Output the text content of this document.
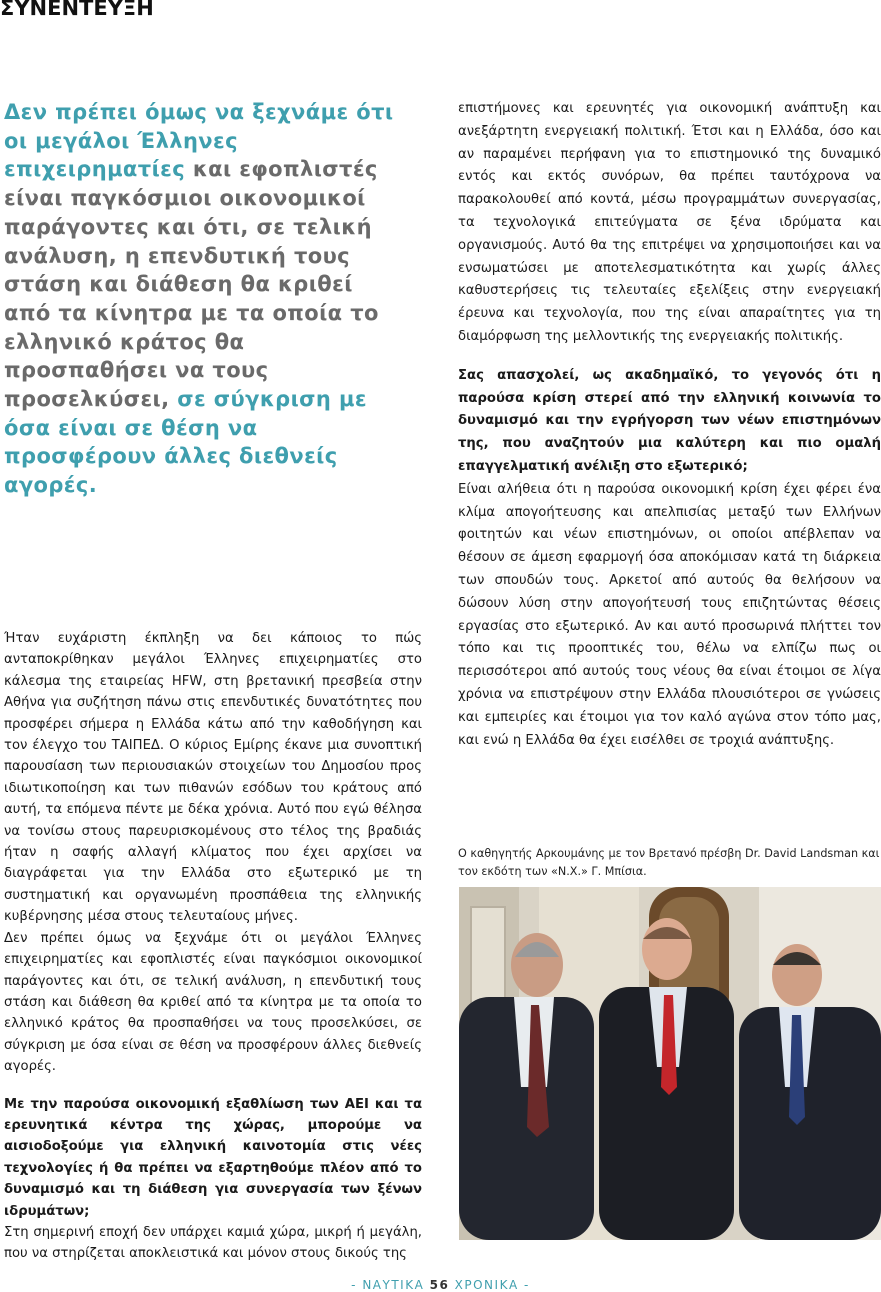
ΣΥΝΕΝΤΕΥΞΗ
Δεν πρέπει όμως να ξεχνάμε ότι οι μεγάλοι Έλληνες επιχειρηματίες και εφοπλιστές είναι παγκόσμιοι οικονομικοί παράγοντες και ότι, σε τελική ανάλυση, η επενδυτική τους στάση και διάθεση θα κριθεί από τα κίνητρα με τα οποία το ελληνικό κράτος θα προσπαθήσει να τους προσελκύσει, σε σύγκριση με όσα είναι σε θέση να προσφέρουν άλλες διεθνείς αγορές.

Ήταν ευχάριστη έκπληξη να δει κάποιος το πώς ανταποκρίθηκαν μεγάλοι Έλληνες επιχειρηματίες στο κάλεσμα της εταιρείας HFW, στη βρετανική πρεσβεία στην Αθήνα για συζήτηση πάνω στις επενδυτικές δυνατότητες που προσφέρει σήμερα η Ελλάδα κάτω από την καθοδήγηση και τον έλεγχο του ΤΑΙΠΕΔ. Ο κύριος Εμίρης έκανε μια συνοπτική παρουσίαση των περιουσιακών στοιχείων του Δημοσίου προς ιδιωτικοποίηση και των πιθανών εσόδων του κράτους από αυτή, τα επόμενα πέντε με δέκα χρόνια. Αυτό που εγώ θέλησα να τονίσω στους παρευρισκομένους στο τέλος της βραδιάς ήταν η σαφής αλλαγή κλίματος που έχει αρχίσει να διαγράφεται για την Ελλάδα στο εξωτερικό με τη συστηματική και οργανωμένη προσπάθεια της ελληνικής κυβέρνησης μέσα στους τελευταίους μήνες.

Δεν πρέπει όμως να ξεχνάμε ότι οι μεγάλοι Έλληνες επιχειρηματίες και εφοπλιστές είναι παγκόσμιοι οικονομικοί παράγοντες και ότι, σε τελική ανάλυση, η επενδυτική τους στάση και διάθεση θα κριθεί από τα κίνητρα με τα οποία το ελληνικό κράτος θα προσπαθήσει να τους προσελκύσει, σε σύγκριση με όσα είναι σε θέση να προσφέρουν άλλες διεθνείς αγορές.

Με την παρούσα οικονομική εξαθλίωση των ΑΕΙ και τα ερευνητικά κέντρα της χώρας, μπορούμε να αισιοδοξούμε για ελληνική καινοτομία στις νέες τεχνολογίες ή θα πρέπει να εξαρτηθούμε πλέον από το δυναμισμό και τη διάθεση για συνεργασία των ξένων ιδρυμάτων;

Στη σημερινή εποχή δεν υπάρχει καμιά χώρα, μικρή ή μεγάλη, που να στηρίζεται αποκλειστικά και μόνον στους δικούς της

επιστήμονες και ερευνητές για οικονομική ανάπτυξη και ανεξάρτητη ενεργειακή πολιτική. Έτσι και η Ελλάδα, όσο και αν παραμένει περήφανη για το επιστημονικό της δυναμικό εντός και εκτός συνόρων, θα πρέπει ταυτόχρονα να παρακολουθεί από κοντά, μέσω προγραμμάτων συνεργασίας, τα τεχνολογικά επιτεύγματα σε ξένα ιδρύματα και οργανισμούς. Αυτό θα της επιτρέψει να χρησιμοποιήσει και να ενσωματώσει με αποτελεσματικότητα και χωρίς άλλες καθυστερήσεις τις τελευταίες εξελίξεις στην ενεργειακή έρευνα και τεχνολογία, που της είναι απαραίτητες για τη διαμόρφωση της μελλοντικής της ενεργειακής πολιτικής.

Σας απασχολεί, ως ακαδημαϊκό, το γεγονός ότι η παρούσα κρίση στερεί από την ελληνική κοινωνία το δυναμισμό και την εγρήγορση των νέων επιστημόνων της, που αναζητούν μια καλύτερη και πιο ομαλή επαγγελματική ανέλιξη στο εξωτερικό;

Είναι αλήθεια ότι η παρούσα οικονομική κρίση έχει φέρει ένα κλίμα απογοήτευσης και απελπισίας μεταξύ των Ελλήνων φοιτητών και νέων επιστημόνων, οι οποίοι απέβλεπαν να θέσουν σε άμεση εφαρμογή όσα αποκόμισαν κατά τη διάρκεια των σπουδών τους. Αρκετοί από αυτούς θα θελήσουν να δώσουν λύση στην απογοήτευσή τους επιζητώντας θέσεις εργασίας στο εξωτερικό. Αν και αυτό προσωρινά πλήττει τον τόπο και τις προοπτικές του, θέλω να ελπίζω πως οι περισσότεροι από αυτούς τους νέους θα είναι έτοιμοι σε λίγα χρόνια να επιστρέψουν στην Ελλάδα πλουσιότεροι σε γνώσεις και εμπειρίες και έτοιμοι για τον καλό αγώνα στον τόπο μας, και ενώ η Ελλάδα θα έχει εισέλθει σε τροχιά ανάπτυξης.

Ο καθηγητής Αρκουμάνης με τον Βρετανό πρέσβη Dr. David Landsman και τον εκδότη των «Ν.Χ.» Γ. Μπίσια.
- ΝΑΥΤΙΚΑ 56 ΧΡΟΝΙΚΑ -
